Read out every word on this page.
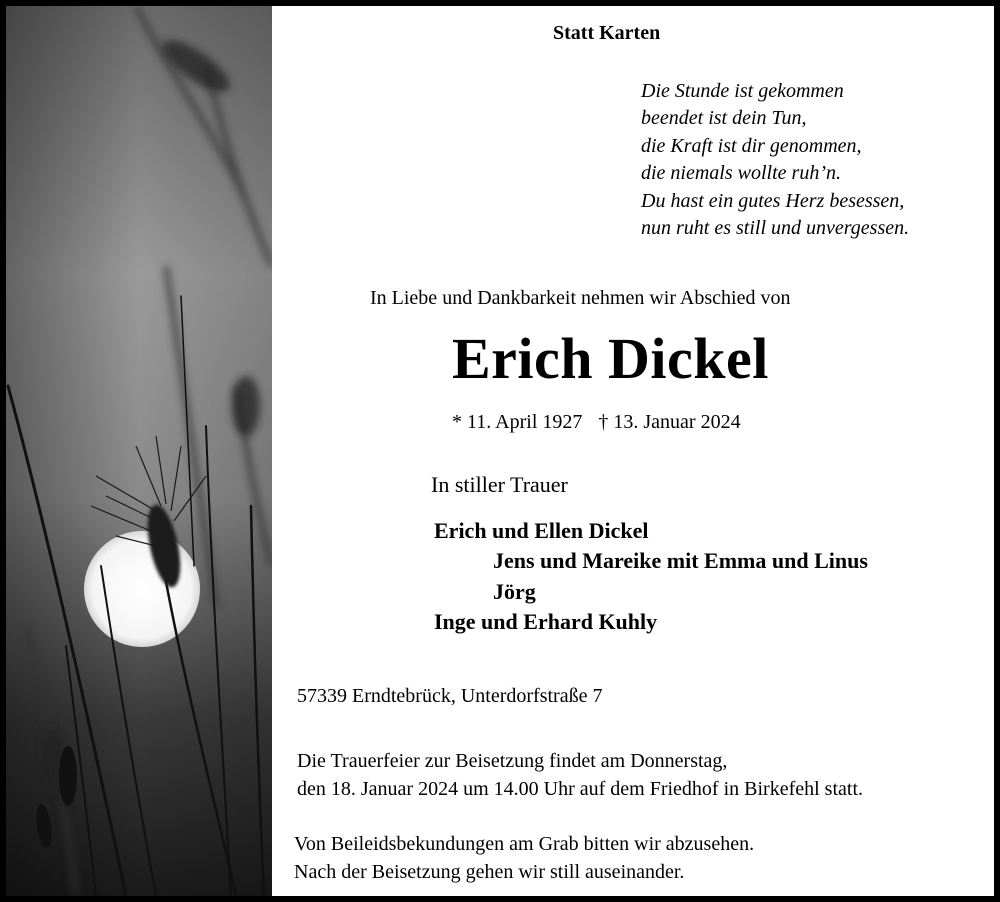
Statt Karten
Die Stunde ist gekommen
beendet ist dein Tun,
die Kraft ist dir genommen,
die niemals wollte ruh’n.
Du hast ein gutes Herz besessen,
nun ruht es still und unvergessen.
In Liebe und Dankbarkeit nehmen wir Abschied von
Erich Dickel
* 11. April 1927 † 13. Januar 2024
In stiller Trauer
Erich und Ellen Dickel
Jens und Mareike mit Emma und Linus
Jörg
Inge und Erhard Kuhly
57339 Erndtebrück, Unterdorfstraße 7
Die Trauerfeier zur Beisetzung findet am Donnerstag,
den 18. Januar 2024 um 14.00 Uhr auf dem Friedhof in Birkefehl statt.
Von Beileidsbekundungen am Grab bitten wir abzusehen.
Nach der Beisetzung gehen wir still auseinander.
